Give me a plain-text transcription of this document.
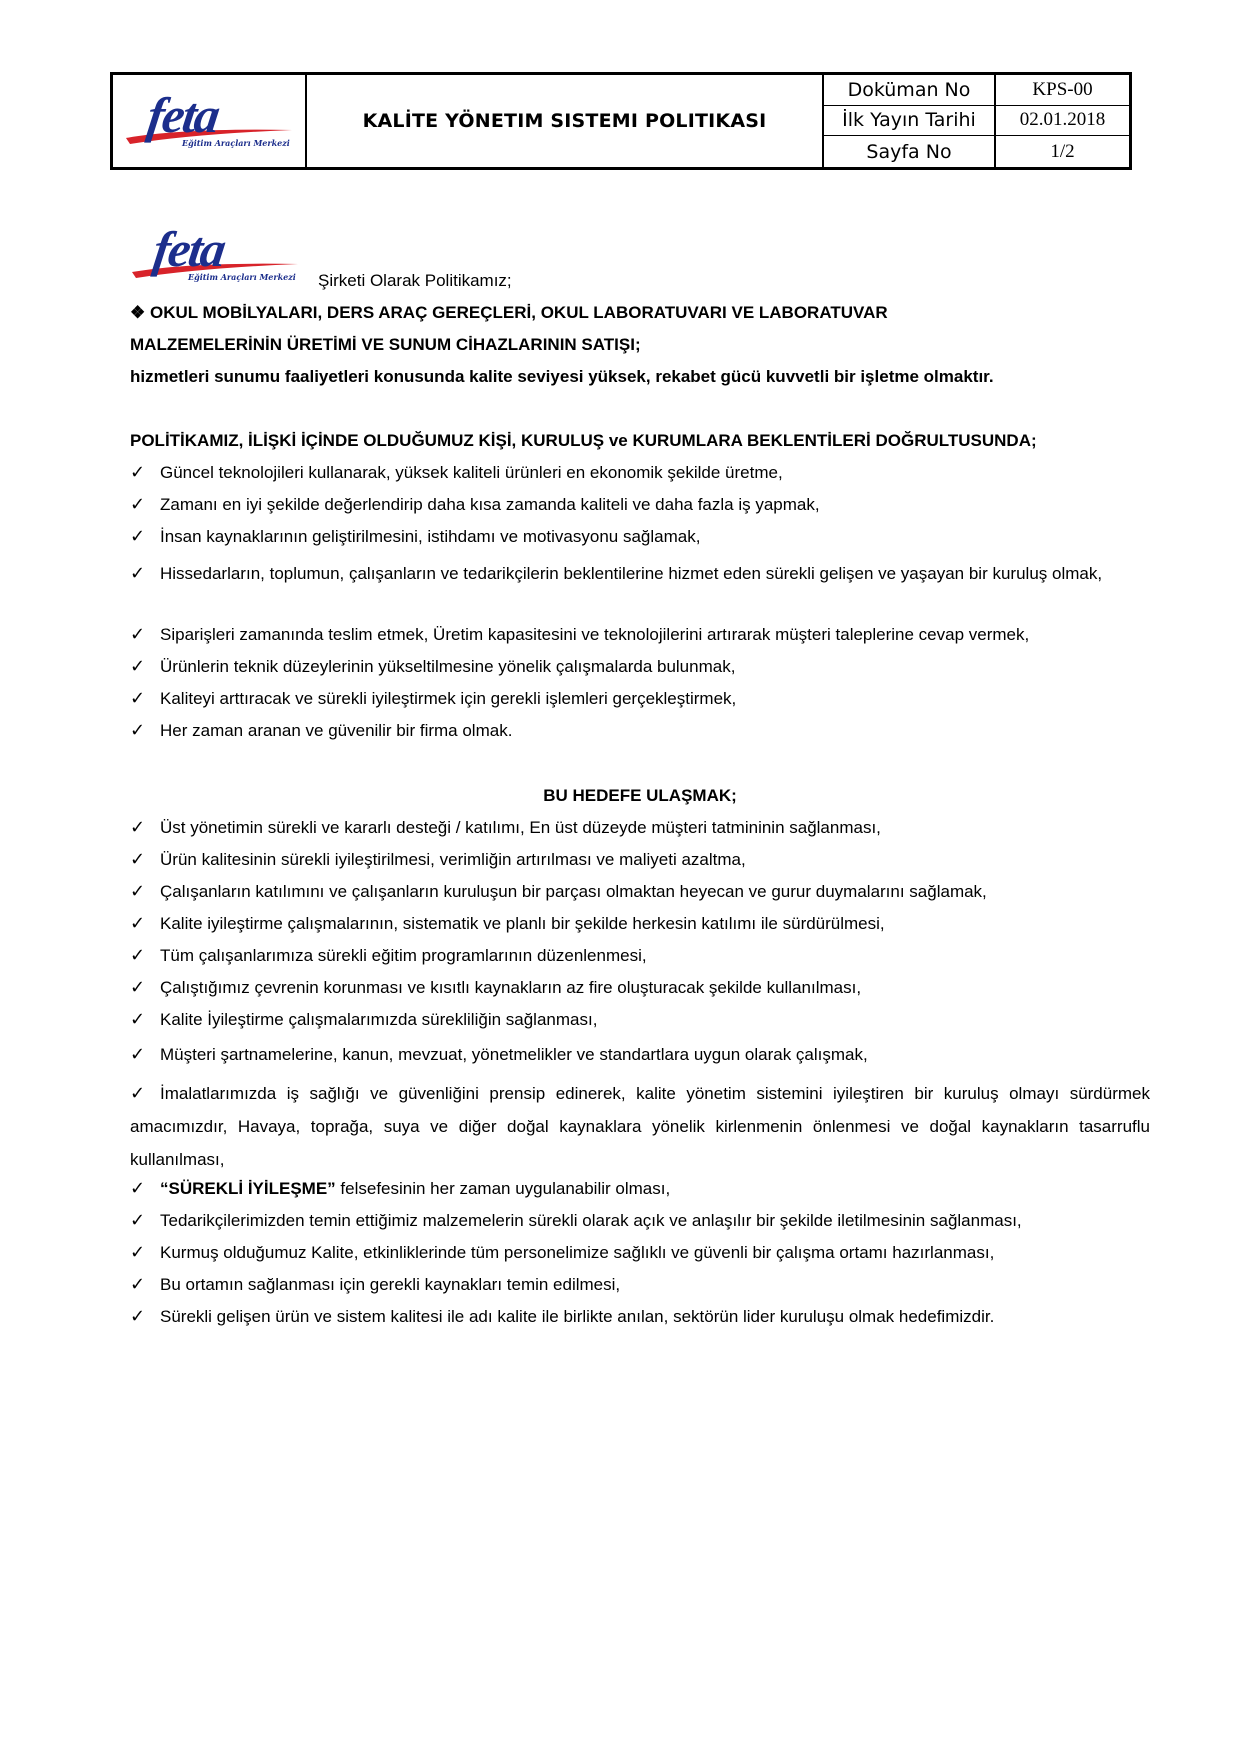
feta
Eğitim Araçları Merkezi
KALİTE YÖNETIM SISTEMI POLITIKASI
Doküman No	KPS-00
İlk Yayın Tarihi	02.01.2018
Sayfa No	1/2
feta
Eğitim Araçları Merkezi Şirketi Olarak Politikamız;
❖ OKUL MOBİLYALARI, DERS ARAÇ GEREÇLERİ, OKUL LABORATUVARI VE LABORATUVAR
MALZEMELERİNİN ÜRETİMİ VE SUNUM CİHAZLARININ SATIŞI;
hizmetleri sunumu faaliyetleri konusunda kalite seviyesi yüksek, rekabet gücü kuvvetli bir işletme olmaktır.
POLİTİKAMIZ, İLİŞKİ İÇİNDE OLDUĞUMUZ KİŞİ, KURULUŞ ve KURUMLARA BEKLENTİLERİ DOĞRULTUSUNDA;
✓ Güncel teknolojileri kullanarak, yüksek kaliteli ürünleri en ekonomik şekilde üretme,
✓ Zamanı en iyi şekilde değerlendirip daha kısa zamanda kaliteli ve daha fazla iş yapmak,
✓ İnsan kaynaklarının geliştirilmesini, istihdamı ve motivasyonu sağlamak,
✓ Hissedarların, toplumun, çalışanların ve tedarikçilerin beklentilerine hizmet eden sürekli gelişen ve yaşayan bir kuruluş olmak,
✓ Siparişleri zamanında teslim etmek, Üretim kapasitesini ve teknolojilerini artırarak müşteri taleplerine cevap vermek,
✓ Ürünlerin teknik düzeylerinin yükseltilmesine yönelik çalışmalarda bulunmak,
✓ Kaliteyi arttıracak ve sürekli iyileştirmek için gerekli işlemleri gerçekleştirmek,
✓ Her zaman aranan ve güvenilir bir firma olmak.
BU HEDEFE ULAŞMAK;
✓ Üst yönetimin sürekli ve kararlı desteği / katılımı, En üst düzeyde müşteri tatmininin sağlanması,
✓ Ürün kalitesinin sürekli iyileştirilmesi, verimliğin artırılması ve maliyeti azaltma,
✓ Çalışanların katılımını ve çalışanların kuruluşun bir parçası olmaktan heyecan ve gurur duymalarını sağlamak,
✓ Kalite iyileştirme çalışmalarının, sistematik ve planlı bir şekilde herkesin katılımı ile sürdürülmesi,
✓ Tüm çalışanlarımıza sürekli eğitim programlarının düzenlenmesi,
✓ Çalıştığımız çevrenin korunması ve kısıtlı kaynakların az fire oluşturacak şekilde kullanılması,
✓ Kalite İyileştirme çalışmalarımızda sürekliliğin sağlanması,
✓ Müşteri şartnamelerine, kanun, mevzuat, yönetmelikler ve standartlara uygun olarak çalışmak,
✓ İmalatlarımızda iş sağlığı ve güvenliğini prensip edinerek, kalite yönetim sistemini iyileştiren bir kuruluş olmayı sürdürmek amacımızdır, Havaya, toprağa, suya ve diğer doğal kaynaklara yönelik kirlenmenin önlenmesi ve doğal kaynakların tasarruflu kullanılması,
✓ “SÜREKLİ İYİLEŞME” felsefesinin her zaman uygulanabilir olması,
✓ Tedarikçilerimizden temin ettiğimiz malzemelerin sürekli olarak açık ve anlaşılır bir şekilde iletilmesinin sağlanması,
✓ Kurmuş olduğumuz Kalite, etkinliklerinde tüm personelimize sağlıklı ve güvenli bir çalışma ortamı hazırlanması,
✓ Bu ortamın sağlanması için gerekli kaynakları temin edilmesi,
✓ Sürekli gelişen ürün ve sistem kalitesi ile adı kalite ile birlikte anılan, sektörün lider kuruluşu olmak hedefimizdir.
